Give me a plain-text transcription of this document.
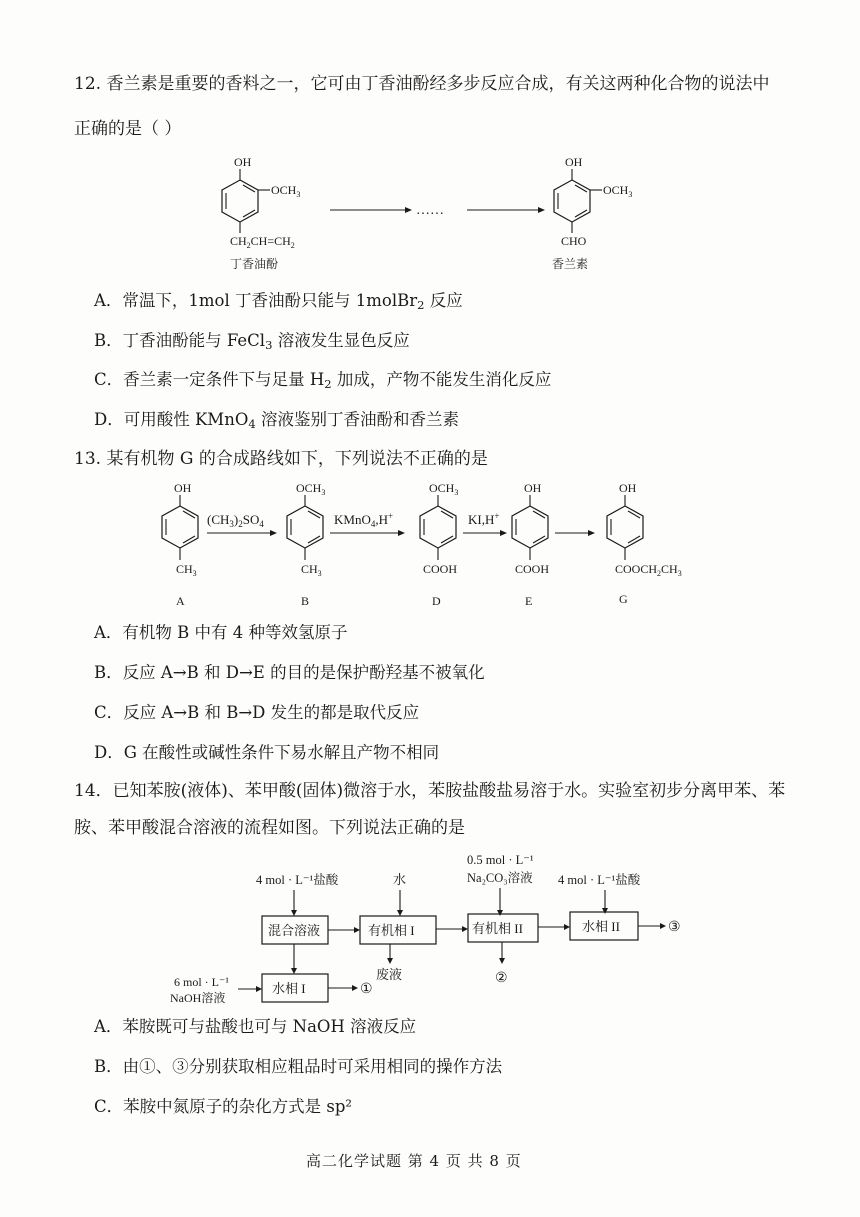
12. 香兰素是重要的香料之一，它可由丁香油酚经多步反应合成，有关这两种化合物的说法中
正确的是（ ）
OH
$OCH_3$
$CH_2CH=CH_2$
丁香油酚
……
OH
$OCH_3$
CHO
香兰素
A．常温下，1mol 丁香油酚只能与 1molBr$_2$ 反应
B．丁香油酚能与 FeCl$_3$ 溶液发生显色反应
C．香兰素一定条件下与足量 $H_2$ 加成，产物不能发生消化反应
D．可用酸性 KMnO$_4$ 溶液鉴别丁香油酚和香兰素
13. 某有机物 G 的合成路线如下，下列说法不正确的是
OH
$CH_3$
A
$(CH_3)_2SO_4$
$OCH_3$
$CH_3$
B
KMnO$_4$,H+
$OCH_3$
COOH
D
KI,H+
OH
COOH
E
OH
$COOCH_2CH_3$
G
A．有机物 B 中有 4 种等效氢原子
B．反应 A→B 和 D→E 的目的是保护酚羟基不被氧化
C．反应 A→B 和 B→D 发生的都是取代反应
D．G 在酸性或碱性条件下易水解且产物不相同
14．已知苯胺(液体)、苯甲酸(固体)微溶于水，苯胺盐酸盐易溶于水。实验室初步分离甲苯、苯
胺、苯甲酸混合溶液的流程如图。下列说法正确的是
4 mol · L⁻¹盐酸	水
0.5 mol · L⁻¹
Na₂CO₃溶液 4 mol · L⁻¹盐酸
混合溶液	有机相 I	有机相 II	水相 II
水相 I
③
6 mol · L⁻¹
NaOH溶液
①
废液	②
A．苯胺既可与盐酸也可与 NaOH 溶液反应
B．由①、③分别获取相应粗品时可采用相同的操作方法
C．苯胺中氮原子的杂化方式是 sp²
高二化学试题 第 4 页 共 8 页
